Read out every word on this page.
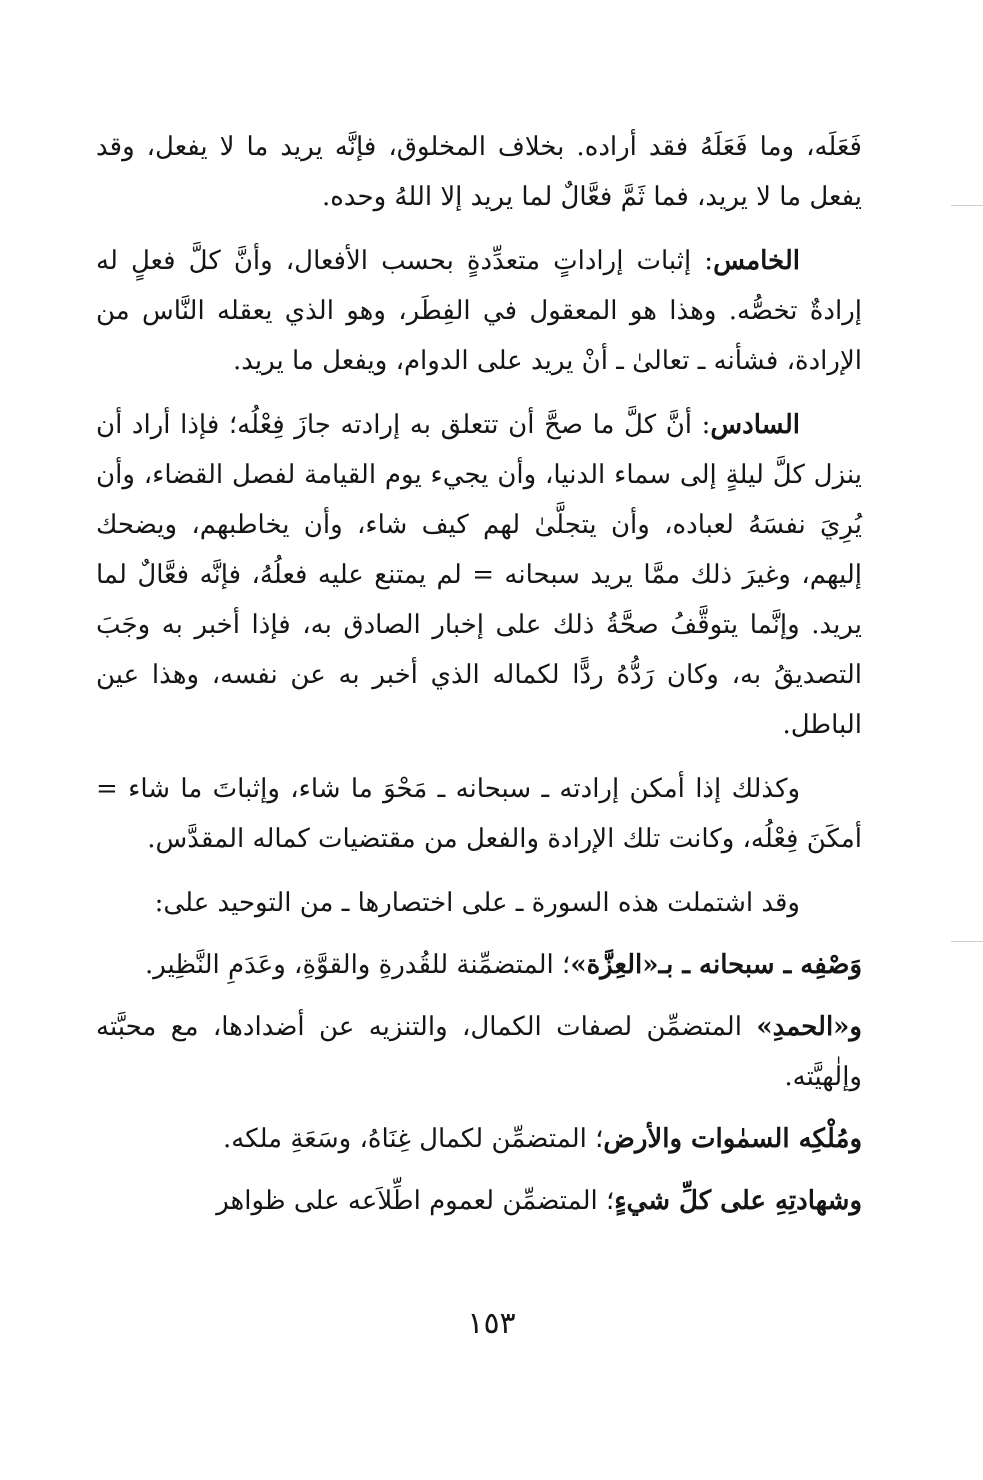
فَعَلَه، وما فَعَلَهُ فقد أراده. بخلاف المخلوق، فإنَّه يريد ما لا يفعل، وقد يفعل ما لا يريد، فما ثَمَّ فعَّالٌ لما يريد إلا اللهُ وحده.

الخامس: إثبات إراداتٍ متعدِّدةٍ بحسب الأفعال، وأنَّ كلَّ فعلٍ له إرادةٌ تخصُّه. وهذا هو المعقول في الفِطَر، وهو الذي يعقله النَّاس من الإرادة، فشأنه ـ تعالىٰ ـ أنْ يريد على الدوام، ويفعل ما يريد.

السادس: أنَّ كلَّ ما صحَّ أن تتعلق به إرادته جازَ فِعْلُه؛ فإذا أراد أن ينزل كلَّ ليلةٍ إلى سماء الدنيا، وأن يجيء يوم القيامة لفصل القضاء، وأن يُرِيَ نفسَهُ لعباده، وأن يتجلَّىٰ لهم كيف شاء، وأن يخاطبهم، ويضحك إليهم، وغيرَ ذلك ممَّا يريد سبحانه = لم يمتنع عليه فعلُهُ، فإنَّه فعَّالٌ لما يريد. وإنَّما يتوقَّفُ صحَّةُ ذلك على إخبار الصادق به، فإذا أخبر به وجَبَ التصديقُ به، وكان رَدُّهُ ردًّا لكماله الذي أخبر به عن نفسه، وهذا عين الباطل.

وكذلك إذا أمكن إرادته ـ سبحانه ـ مَحْوَ ما شاء، وإثباتَ ما شاء = أمكَنَ فِعْلُه، وكانت تلك الإرادة والفعل من مقتضيات كماله المقدَّس.

وقد اشتملت هذه السورة ـ على اختصارها ـ من التوحيد على:

وَصْفِه ـ سبحانه ـ بـ«العِزَّة»؛ المتضمِّنة للقُدرةِ والقوَّةِ، وعَدَمِ النَّظِير.

و«الحمدِ» المتضمِّن لصفات الكمال، والتنزيه عن أضدادها، مع محبَّته وإلٰهيَّته.

ومُلْكِه السمٰوات والأرض؛ المتضمِّن لكمال غِنَاهُ، وسَعَةِ ملكه.

وشهادتِهِ على كلِّ شيءٍ؛ المتضمِّن لعموم اطِّلاَعه على ظواهر

١٥٣
